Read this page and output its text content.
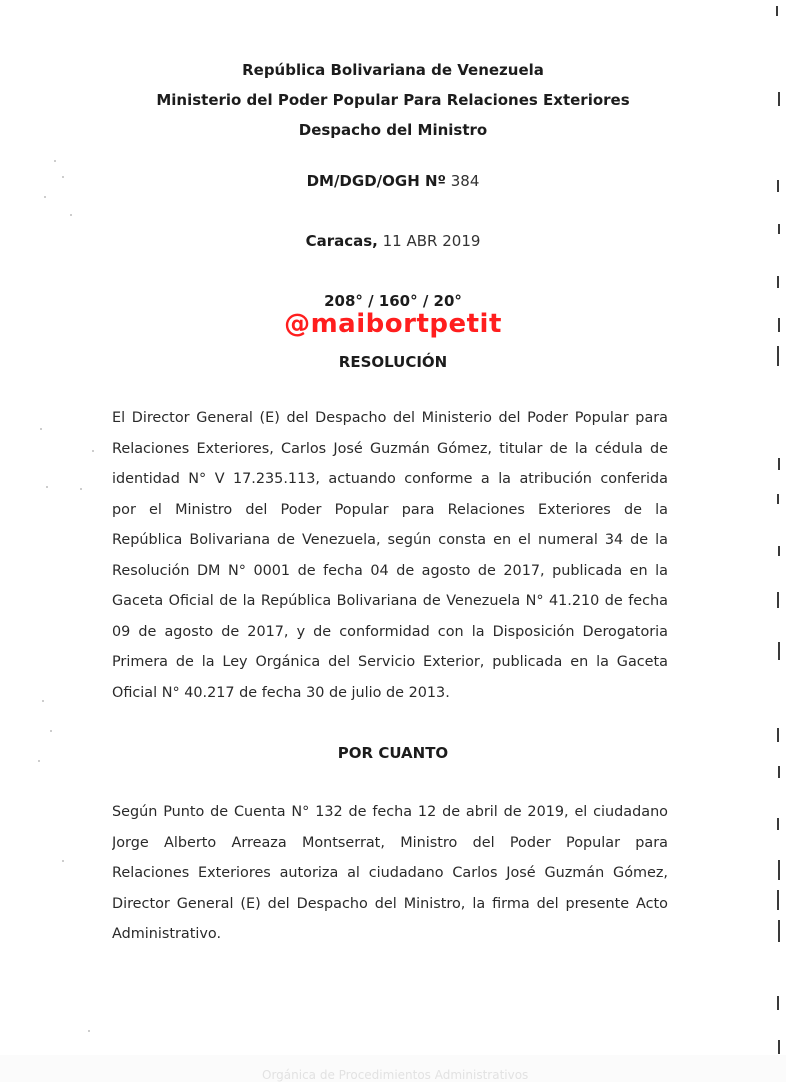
República Bolivariana de Venezuela
Ministerio del Poder Popular Para Relaciones Exteriores
Despacho del Ministro
DM/DGD/OGH Nº 384
Caracas, 11 ABR 2019
208° / 160° / 20°
@maibortpetit
RESOLUCIÓN
El Director General (E) del Despacho del Ministerio del Poder Popular para
Relaciones Exteriores, Carlos José Guzmán Gómez, titular de la cédula de
identidad N° V 17.235.113, actuando conforme a la atribución conferida
por el Ministro del Poder Popular para Relaciones Exteriores de la
República Bolivariana de Venezuela, según consta en el numeral 34 de la
Resolución DM N° 0001 de fecha 04 de agosto de 2017, publicada en la
Gaceta Oficial de la República Bolivariana de Venezuela N° 41.210 de fecha
09 de agosto de 2017, y de conformidad con la Disposición Derogatoria
Primera de la Ley Orgánica del Servicio Exterior, publicada en la Gaceta
Oficial N° 40.217 de fecha 30 de julio de 2013.
POR CUANTO
Según Punto de Cuenta N° 132 de fecha 12 de abril de 2019, el ciudadano
Jorge Alberto Arreaza Montserrat, Ministro del Poder Popular para
Relaciones Exteriores autoriza al ciudadano Carlos José Guzmán Gómez,
Director General (E) del Despacho del Ministro, la firma del presente Acto
Administrativo.
Orgánica de Procedimientos Administrativos
